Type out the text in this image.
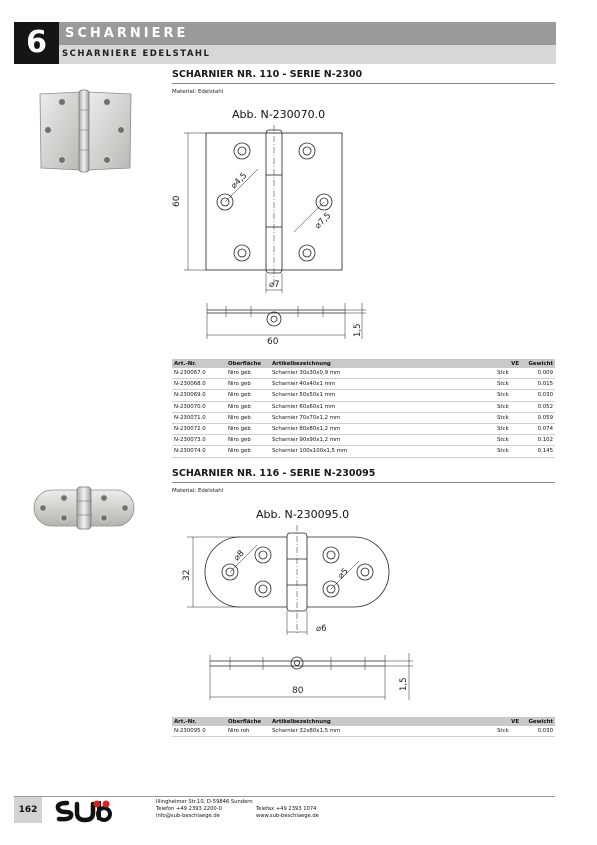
6	SCHARNIERE
SCHARNIERE EDELSTAHL
SCHARNIER NR. 110 - SERIE N-2300
Material: Edelstahl
Abb. N-230070.0
60
⌀4,5
⌀7,5
⌀7
60
1,5
Art.-Nr.	Oberfläche	Artikelbezeichnung	VE	Gewicht
N-230067.0	Niro geb	Scharnier 30x30x0,9 mm	Stck	0.009
N-230068.0	Niro geb	Scharnier 40x40x1 mm	Stck	0.015
N-230069.0	Niro geb	Scharnier 50x50x1 mm	Stck	0.030
N-230070.0	Niro geb	Scharnier 60x60x1 mm	Stck	0.052
N-230071.0	Niro geb	Scharnier 70x70x1,2 mm	Stck	0.059
N-230072.0	Niro geb	Scharnier 80x80x1,2 mm	Stck	0.074
N-230073.0	Niro geb	Scharnier 90x90x1,2 mm	Stck	0.102
N-230074.0	Niro geb	Scharnier 100x100x1,5 mm	Stck	0.145
SCHARNIER NR. 116 - SERIE N-230095
Material: Edelstahl
Abb. N-230095.0
32
⌀8
⌀5
⌀6
80	1,5
Art.-Nr.	Oberfläche	Artikelbezeichnung	VE	Gewicht
N-230095.0	Niro roh	Scharnier 32x80x1,5 mm	Stck	0.030
162
Illingheimer Str.10, D-59846 Sundern
Telefon +49 2393 2200-0	Telefax +49 2393 1074
info@sub-beschlaege.de	www.sub-beschlaege.de
